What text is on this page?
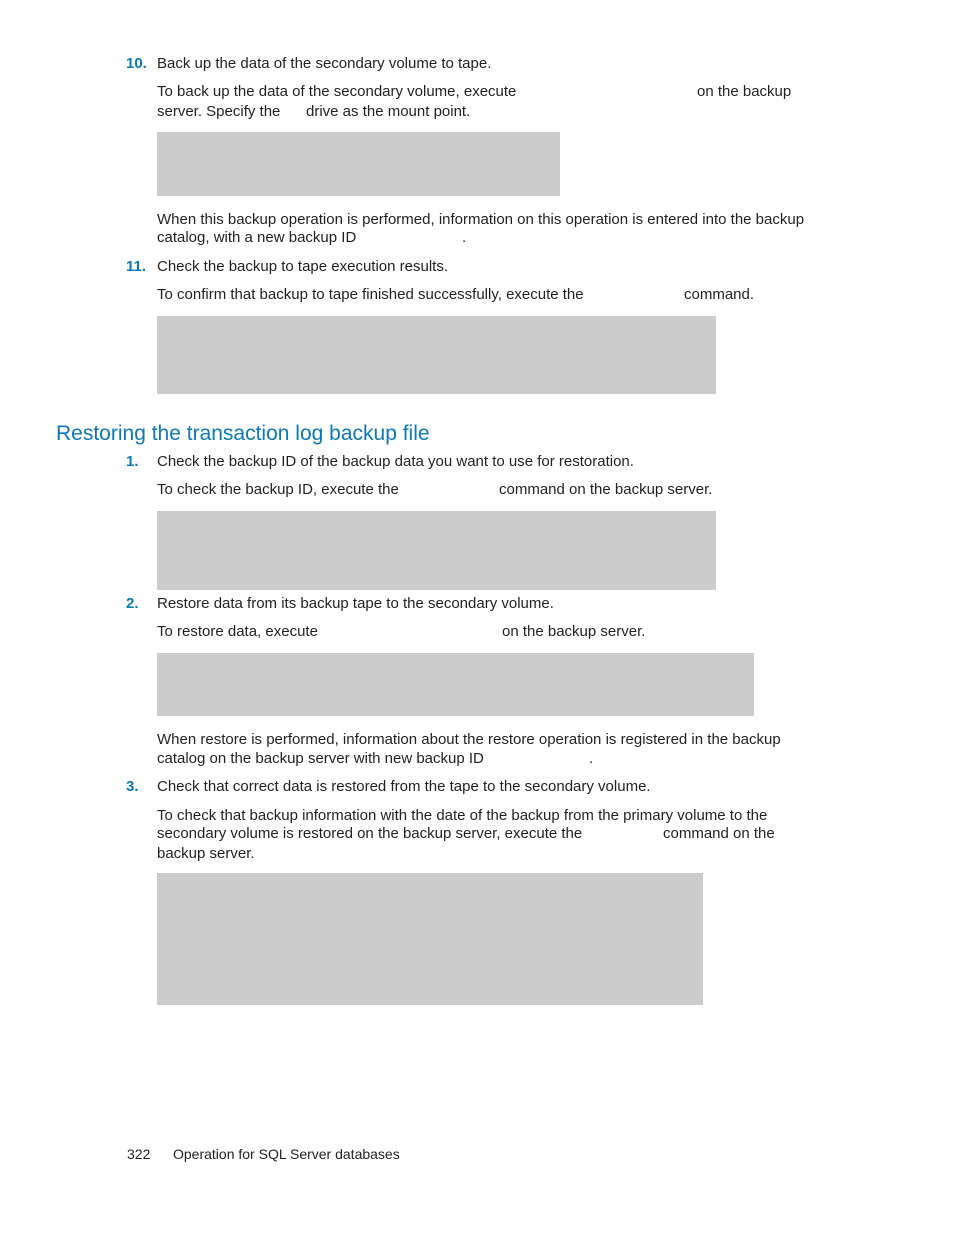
10. Back up the data of the secondary volume to tape.
To back up the data of the secondary volume, execute	on the backup
server. Specify the drive as the mount point.
When this backup operation is performed, information on this operation is entered into the backup
catalog, with a new backup ID	.
11. Check the backup to tape execution results.
To confirm that backup to tape finished successfully, execute the	command.
Restoring the transaction log backup file
1. Check the backup ID of the backup data you want to use for restoration.
To check the backup ID, execute the	command on the backup server.
2. Restore data from its backup tape to the secondary volume.
To restore data, execute	on the backup server.
When restore is performed, information about the restore operation is registered in the backup
catalog on the backup server with new backup ID	.
3. Check that correct data is restored from the tape to the secondary volume.
To check that backup information with the date of the backup from the primary volume to the
secondary volume is restored on the backup server, execute the	command on the
backup server.
322 Operation for SQL Server databases
